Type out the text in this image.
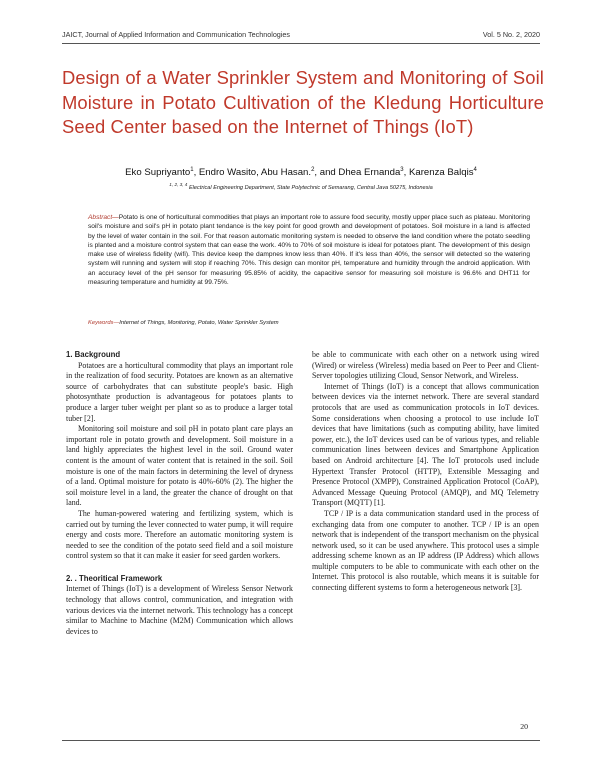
JAICT, Journal of Applied Information and Communication Technologies	Vol. 5 No. 2, 2020
Design of a Water Sprinkler System and Monitoring of Soil Moisture in Potato Cultivation of the Kledung Horticulture Seed Center based on the Internet of Things (IoT)
Eko Supriyanto$^1$, Endro Wasito, Abu Hasan.$^2$, and Dhea Ernanda$^3$, Karenza Balqis$^4$
$^{1, 2, 3, 4}$ Electrical Engineering Department, State Polytechnic of Semarang, Central Java 50275, Indonesia

Abstract—Potato is one of horticultural commodities that plays an important role to assure food security, mostly upper place such as plateau. Monitoring soil's moisture and soil's pH in potato plant tendance is the key point for good growth and development of potatoes. Soil moisture in a land is affected by the level of water contain in the soil. For that reason automatic monitoring system is needed to observe the land condition where the potato seedling is planted and a moisture control system that can ease the work. 40% to 70% of soil moisture is ideal for potatoes plant. The development of this design make use of wireless fidelity (wifi). This device keep the dampnes know less than 40%. If it's less than 40%, the sensor will detected so the watering system will running and system will stop if reaching 70%. This design can monitor pH, temperature and humidity through the android application. With an accuracy level of the pH sensor for measuring 95.85% of acidity, the capacitive sensor for measuring soil moisture is 96.6% and DHT11 for measuring temperature and humidity at 99.75%.

Keywords—Internet of Things, Monitoring, Potato, Water Sprinkler System

1. Background

Potatoes are a horticultural commodity that plays an important role in the realization of food security. Potatoes are known as an alternative source of carbohydrates that can substitute people's basic. High photosynthate production is advantageous for potatoes plants to produce a larger tuber weight per plant so as to produce a larger total tuber [2].

Monitoring soil moisture and soil pH in potato plant care plays an important role in potato growth and development. Soil moisture in a land highly appreciates the highest level in the soil. Ground water content is the amount of water content that is retained in the soil. Soil moisture is one of the main factors in determining the level of dryness of a land. Optimal moisture for potato is 40%-60% (2). The higher the soil moisture level in a land, the greater the chance of drought on that land.

The human-powered watering and fertilizing system, which is carried out by turning the lever connected to water pump, it will require energy and costs more. Therefore an automatic monitoring system is needed to see the condition of the potato seed field and a soil moisture control system so that it can make it easier for seed garden workers.

2. . Theoritical Framework

Internet of Things (IoT) is a development of Wireless Sensor Network technology that allows control, communication, and integration with various devices via the internet network. This technology has a concept similar to Machine to Machine (M2M) Communication which allows devices to

be able to communicate with each other on a network using wired (Wired) or wireless (Wireless) media based on Peer to Peer and Client-Server topologies utilizing Cloud, Sensor Network, and Wireless.

Internet of Things (IoT) is a concept that allows communication between devices via the internet network. There are several standard protocols that are used as communication protocols in IoT devices. Some considerations when choosing a protocol to use include IoT devices that have limitations (such as computing ability, have limited power, etc.), the IoT devices used can be of various types, and reliable communication lines between devices and Smartphone Application based on Android architecture [4]. The IoT protocols used include Hypertext Transfer Protocol (HTTP), Extensible Messaging and Presence Protocol (XMPP), Constrained Application Protocol (CoAP), Advanced Message Queuing Protocol (AMQP), and MQ Telemetry Transport (MQTT) [1].

TCP / IP is a data communication standard used in the process of exchanging data from one computer to another. TCP / IP is an open network that is independent of the transport mechanism on the physical network used, so it can be used anywhere. This protocol uses a simple addressing scheme known as an IP address (IP Address) which allows multiple computers to be able to communicate with each other on the Internet. This protocol is also routable, which means it is suitable for connecting different systems to form a heterogeneous network [3].

20
